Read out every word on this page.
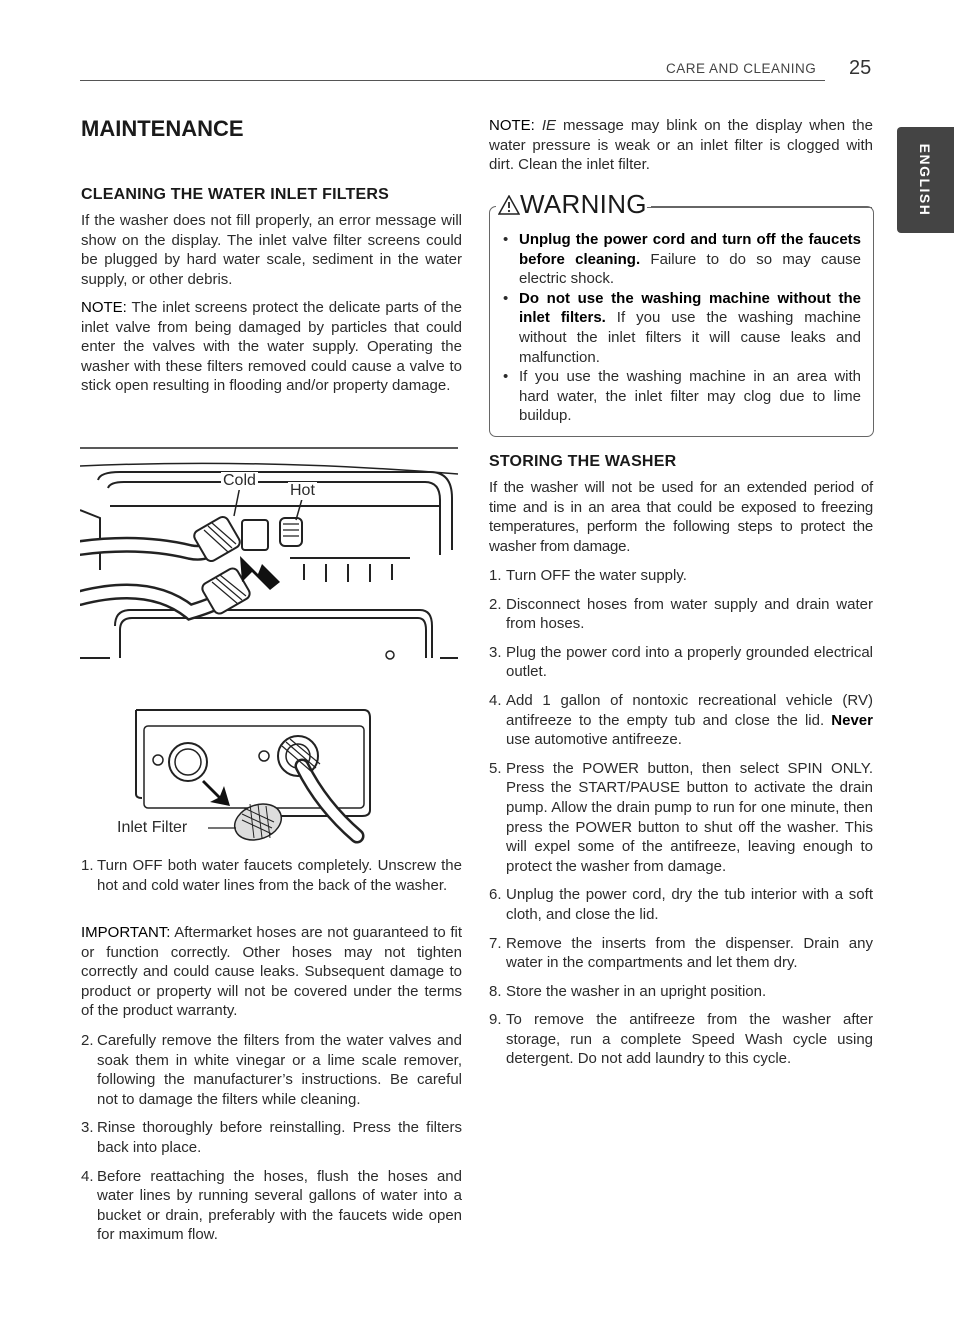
CARE AND CLEANING 25
ENGLISH
MAINTENANCE
CLEANING THE WATER INLET FILTERS

If the washer does not fill properly, an error message will show on the display. The inlet valve filter screens could be plugged by hard water scale, sediment in the water supply, or other debris.

NOTE: The inlet screens protect the delicate parts of the inlet valve from being damaged by particles that could enter the valves with the water supply. Operating the washer with these filters removed could cause a valve to stick open resulting in flooding and/or property damage.

Cold
Hot
Inlet Filter
1. Turn OFF both water faucets completely. Unscrew the hot and cold water lines from the back of the washer.

IMPORTANT: Aftermarket hoses are not guaranteed to fit or function correctly. Other hoses may not tighten correctly and could cause leaks. Subsequent damage to product or property will not be covered under the terms of the product warranty.

2. Carefully remove the filters from the water valves and soak them in white vinegar or a lime scale remover, following the manufacturer’s instructions. Be careful not to damage the filters while cleaning.
3. Rinse thoroughly before reinstalling. Press the filters back into place.
4. Before reattaching the hoses, flush the hoses and water lines by running several gallons of water into a bucket or drain, preferably with the faucets wide open for maximum flow.

NOTE: IE message may blink on the display when the water pressure is weak or an inlet filter is clogged with dirt. Clean the inlet filter.

WARNING
• Unplug the power cord and turn off the faucets before cleaning. Failure to do so may cause electric shock.
• Do not use the washing machine without the inlet filters. If you use the washing machine without the inlet filters it will cause leaks and malfunction.
• If you use the washing machine in an area with hard water, the inlet filter may clog due to lime buildup.
STORING THE WASHER

If the washer will not be used for an extended period of time and is in an area that could be exposed to freezing temperatures, perform the following steps to protect the washer from damage.

1. Turn OFF the water supply.
2. Disconnect hoses from water supply and drain water from hoses.
3. Plug the power cord into a properly grounded electrical outlet.
4. Add 1 gallon of nontoxic recreational vehicle (RV) antifreeze to the empty tub and close the lid. Never use automotive antifreeze.
5. Press the POWER button, then select SPIN ONLY. Press the START/PAUSE button to activate the drain pump. Allow the drain pump to run for one minute, then press the POWER button to shut off the washer. This will expel some of the antifreeze, leaving enough to protect the washer from damage.
6. Unplug the power cord, dry the tub interior with a soft cloth, and close the lid.
7. Remove the inserts from the dispenser. Drain any water in the compartments and let them dry.
8. Store the washer in an upright position.
9. To remove the antifreeze from the washer after storage, run a complete Speed Wash cycle using detergent. Do not add laundry to this cycle.
